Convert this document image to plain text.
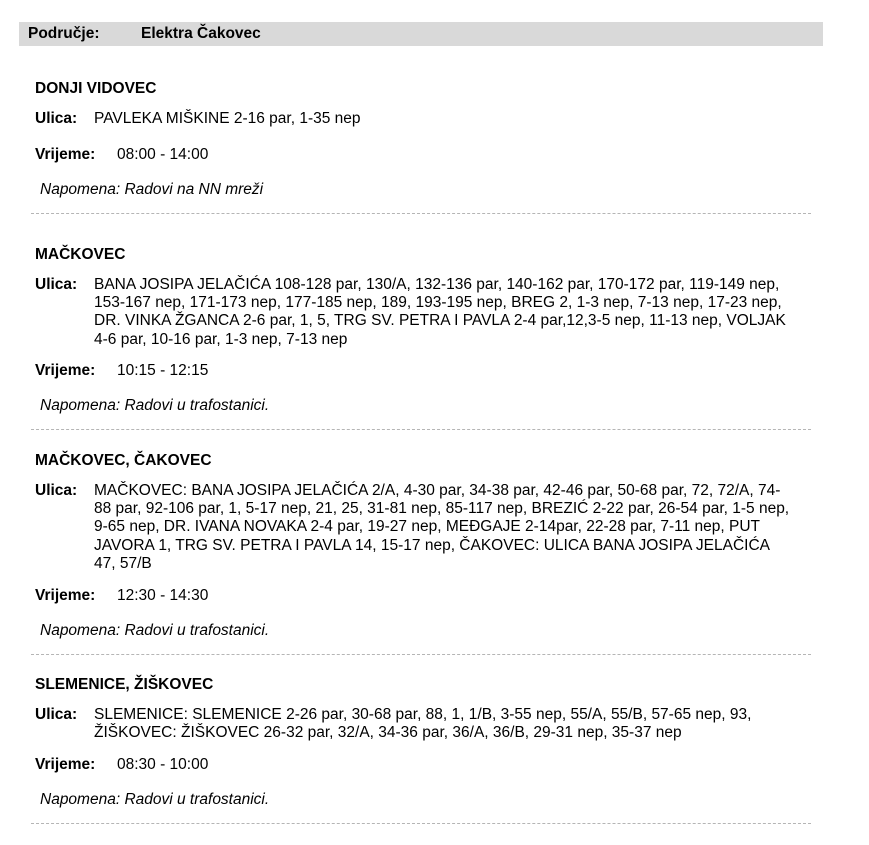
Područje:	Elektra Čakovec
DONJI VIDOVEC
Ulica: PAVLEKA MIŠKINE 2-16 par, 1-35 nep
Vrijeme: 08:00 - 14:00
Napomena: Radovi na NN mreži
MAČKOVEC
Ulica: BANA JOSIPA JELAČIĆA 108-128 par, 130/A, 132-136 par, 140-162 par, 170-172 par, 119-149 nep, 153-167 nep, 171-173 nep, 177-185 nep, 189, 193-195 nep, BREG 2, 1-3 nep, 7-13 nep, 17-23 nep, DR. VINKA ŽGANCA 2-6 par, 1, 5, TRG SV. PETRA I PAVLA 2-4 par,12,3-5 nep, 11-13 nep, VOLJAK 4-6 par, 10-16 par, 1-3 nep, 7-13 nep
Vrijeme: 10:15 - 12:15
Napomena: Radovi u trafostanici.
MAČKOVEC, ČAKOVEC
Ulica: MAČKOVEC: BANA JOSIPA JELAČIĆA 2/A, 4-30 par, 34-38 par, 42-46 par, 50-68 par, 72, 72/A, 74-88 par, 92-106 par, 1, 5-17 nep, 21, 25, 31-81 nep, 85-117 nep, BREZIĆ 2-22 par, 26-54 par, 1-5 nep, 9-65 nep, DR. IVANA NOVAKA 2-4 par, 19-27 nep, MEĐGAJE 2-14par, 22-28 par, 7-11 nep, PUT JAVORA 1, TRG SV. PETRA I PAVLA 14, 15-17 nep, ČAKOVEC: ULICA BANA JOSIPA JELAČIĆA 47, 57/B
Vrijeme: 12:30 - 14:30
Napomena: Radovi u trafostanici.
SLEMENICE, ŽIŠKOVEC
Ulica: SLEMENICE: SLEMENICE 2-26 par, 30-68 par, 88, 1, 1/B, 3-55 nep, 55/A, 55/B, 57-65 nep, 93, ŽIŠKOVEC: ŽIŠKOVEC 26-32 par, 32/A, 34-36 par, 36/A, 36/B, 29-31 nep, 35-37 nep
Vrijeme: 08:30 - 10:00
Napomena: Radovi u trafostanici.
